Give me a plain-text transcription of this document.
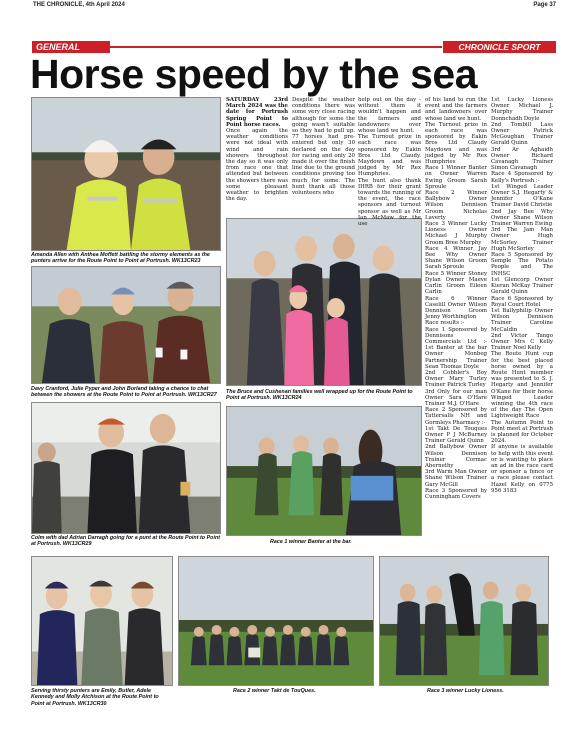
THE CHRONICLE, 4th April 2024	Page 37
GENERAL	CHRONICLE SPORT
Horse speed by the sea
Amanda Allen with Anthea Moffett battling the stormy elements as the punters arrive for the Route Point to Point at Portrush. WK13CR23
Davy Cranford, Julie Pyper and John Borland taking a chance to chat between the showers at the Route Point to Point at Portrush. WK13CR27
The Bruce and Cushenan families well wrapped up for the Route Point to Point at Portrush. WK13CR24
Colm with dad Adrian Darragh going for a punt at the Route Point to Point at Portrush. WK13CR29	Race 1 winner Banter at the bar.
Serving thirsty punters are Emily, Butler, Adele Kennedy and Molly Atchison at the Route Point to Point at Portrush. WK13CR30
Race 2 winner Takt de TouQues.	Race 3 winner Lucky Lioness.

SATURDAY 23rd March 2024 was the date for Portrush Spring Point to Point horse races.

Once again the weather conditions were not ideal with wind and rain showers throughout the day so it was only from race one that attended but between the showers there was some pleasant weather to brighten the day.

Despite the weather conditions there was some very close racing although for some the going wasn't suitable so they had to pull up. 77 horses had pre-entered but only 30 declared on the day for racing and only 20 made it over the finish line due to the ground conditions proving too much for some. The hunt thank all those volunteers who

help out on the day - without them it wouldn't happen and the farmers and landowners over whose land we hunt.
The Turnout prize in each race was sponsored by Eakin Bros Ltd Claudy. Maydown and was judged by Mr Rex Humphries.
The hunt also thank IHRB for their grant towards the running of the event, the race sponsors and turnout sponsor as well as Mr Ian McMaw for the use
of his land to run the event and the farmers and landowners over whose land we hunt.
The Turnout prize in each race was sponsored by Eakin Bros Ltd Claudy Maydown and was judged by Mr Rex Humphries
Race 1 Winner Banter on Owner Warren Ewing Groom Sarah Sproule
Race 2 Winner Ballybow Owner Wilson Dennison Groom Nicholas Laverty
Race 3 Winner Lucky Lioness Owner Michael J Murphy Groom Bree Murphy
Race 4 Winner Jay Bee Why Owner Shane Wilson Groom Sarah Sproule
Race 5 Winner Stoney Dylan Owner Maeve Carlin Groom Eileen Carlin
Race 6 Winner Caselill Owner Wilson Dennison Groom Jenny Worthington
Race results :-
Race 1 Sponsored by Dennisons Commercials Ltd :- 1st Banter at the bar Owner Monbeg Partnership Trainer Sean Thomas Doyle
2nd Cobbler's Boy Owner Mary Turley Trainer Patrick Turley
3rd Only for our man Owner Sara O'Hare Trainer M.J. O'Hare
Race 2 Sponsored by Tattersalls NH and Gormleys Pharmacy :-
1st Takt De Touques Owner P J McBurney Trainer Gerald Quinn
2nd Ballybow Owner Wilson Dennison Trainer Cormac Abernethy
3rd Warm Man Owner Shane Wilson Trainer Gary McGill
Race 3 Sponsored by Cunningham Covers
1st Lucky Lioness Owner Michael J. Murphy Trainer Donnchadh Doyle
2nd Tombill Lass Owner Patrick McGoughan Trainer Gerald Quinn
3rd Ar Aghaidh Owner Richard Cavanagh Trainer Simon Cavanagh
Race 4 Sponsored by Kelly's Portrush :-
1st Winged Leader Owner S.J. Hegarty & Jennifer O'Kane Trainer David Christie
2nd Jay Bee Why Owner Shane Wilson Trainer Warren Ewing
3rd The Jam Man Owner Hugh McSorley Trainer Hugh McSorley
Race 5 Sponsored by Semple The Potato People and The INHSC
1st Glencorp Owner Kieran McKay Trainer Gerald Quinn
Race 6 Sponsored by Royal Court Hotel
1st Ballyphilip Owner Wilson Dennison Trainer Caroline McCaldin
2nd Victor Tango Owner Mrs C Kelly Trainer Noel Kelly
The Route Hunt cup for the best placed horse owned by a Route Hunt member was presented to S. J. Hegarty and Jennifer O'Kane for their horse Winged Leader winning the 4th race of the day The Open Lightweight Race
The Autumn Point to Point meet at Portrush is planned for October 2024.
If anyone is available to help with this event or is wanting to place an ad in the race card or sponsor a fence or a race please contact Hazel Kelly on 0775 956 3183
